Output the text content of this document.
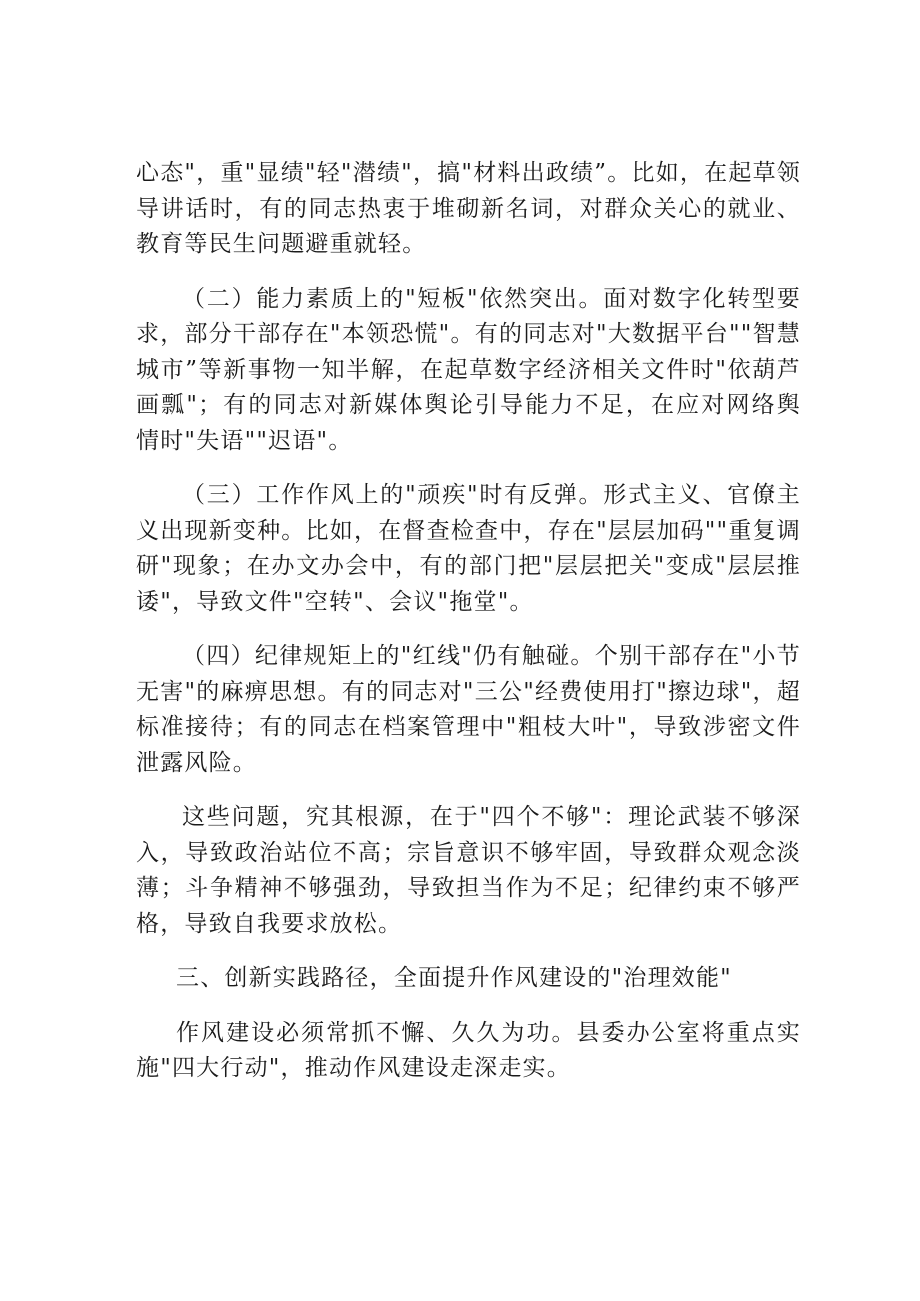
心态"，重"显绩"轻"潜绩"，搞"材料出政绩”。比如，在起草领导讲话时，有的同志热衷于堆砌新名词，对群众关心的就业、教育等民生问题避重就轻。

（二）能力素质上的"短板"依然突出。面对数字化转型要求，部分干部存在"本领恐慌"。有的同志对"大数据平台""智慧城市”等新事物一知半解，在起草数字经济相关文件时"依葫芦画瓢"；有的同志对新媒体舆论引导能力不足，在应对网络舆情时"失语""迟语"。

（三）工作作风上的"顽疾"时有反弹。形式主义、官僚主义出现新变种。比如，在督查检查中，存在"层层加码""重复调研"现象；在办文办会中，有的部门把"层层把关"变成"层层推诿"，导致文件"空转"、会议"拖堂"。

（四）纪律规矩上的"红线"仍有触碰。个别干部存在"小节无害"的麻痹思想。有的同志对"三公"经费使用打"擦边球"，超标准接待；有的同志在档案管理中"粗枝大叶"，导致涉密文件泄露风险。

这些问题，究其根源，在于"四个不够"：理论武装不够深入，导致政治站位不高；宗旨意识不够牢固，导致群众观念淡薄；斗争精神不够强劲，导致担当作为不足；纪律约束不够严格，导致自我要求放松。

三、创新实践路径，全面提升作风建设的"治理效能"

作风建设必须常抓不懈、久久为功。县委办公室将重点实施"四大行动"，推动作风建设走深走实。
